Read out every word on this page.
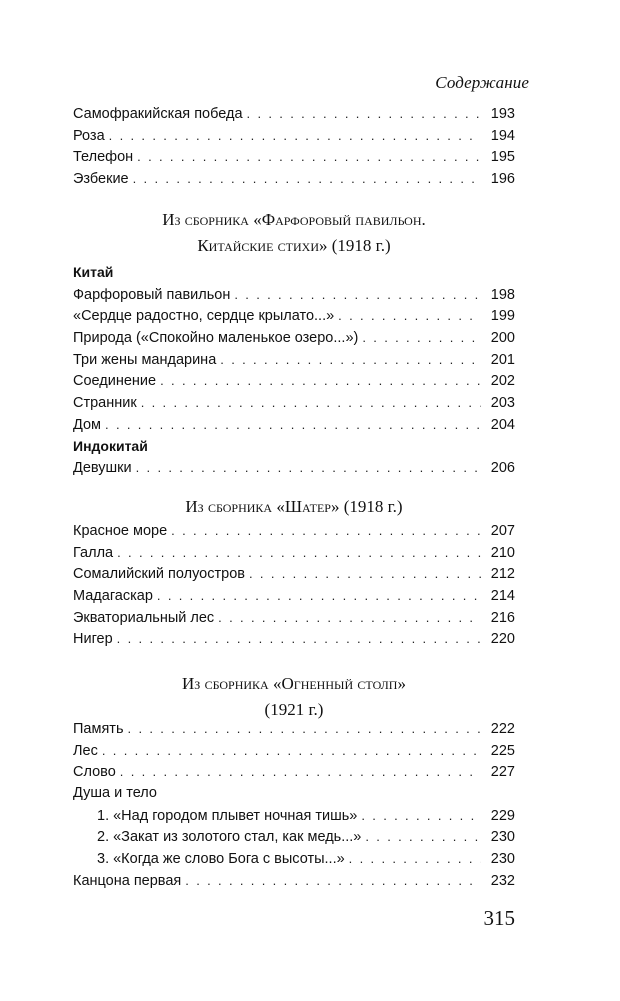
Содержание
Самофракийская победа . . .	193
Роза . . .	194
Телефон . . .	195
Эзбекие . . .	196
Из сборника «Фарфоровый павильон.
Китайские стихи» (1918 г.)
Китай
Фарфоровый павильон . . .	198
«Сердце радостно, сердце крылато...» . . .	199
Природа («Спокойно маленькое озеро...») . . .	200
Три жены мандарина . . .	201
Соединение . . .	202
Странник . . .	203
Дом . . .	204
Индокитай
Девушки . . .	206
Из сборника «Шатер» (1918 г.)
Красное море . . .	207
Галла . . .	210
Сомалийский полуостров . . .	212
Мадагаскар . . .	214
Экваториальный лес . . .	216
Нигер . . .	220
Из сборника «Огненный столп»
(1921 г.)
Память . . .	222
Лес . . .	225
Слово . . .	227
Душа и тело
1. «Над городом плывет ночная тишь» . . .	229
2. «Закат из золотого стал, как медь...» . . .	230
3. «Когда же слово Бога с высоты...» . . .	230
Канцона первая . . .	232
315
